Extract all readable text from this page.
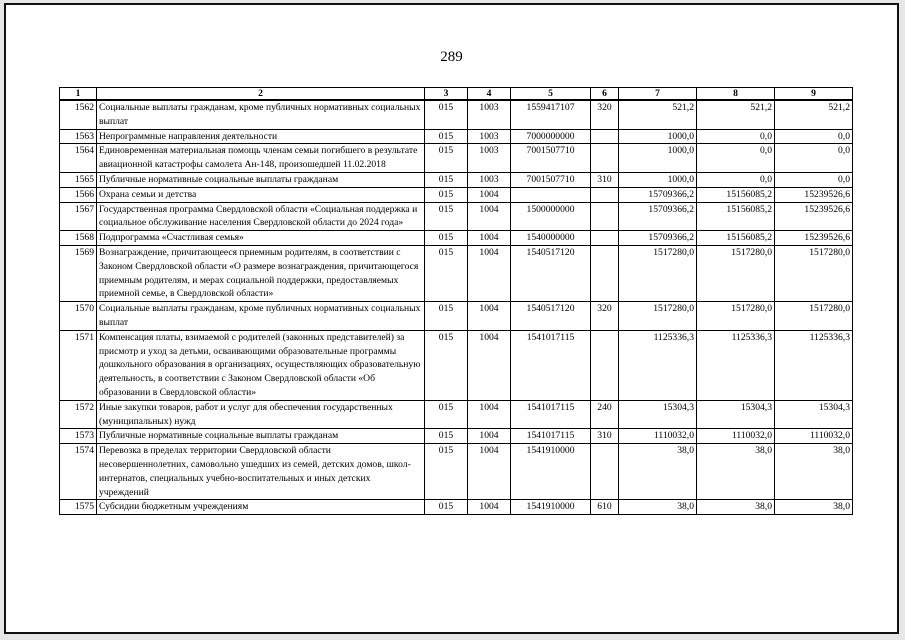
289
1	2	3	4	5	6	7	8	9
1562	Социальные выплаты гражданам, кроме публичных нормативных социальных выплат	015	1003	1559417107	320	521,2	521,2	521,2
1563	Непрограммные направления деятельности	015	1003	7000000000		1000,0	0,0	0,0
1564	Единовременная материальная помощь членам семьи погибшего в результате авиационной катастрофы самолета Ан-148, произошедшей 11.02.2018	015	1003	7001507710		1000,0	0,0	0,0
1565	Публичные нормативные социальные выплаты гражданам	015	1003	7001507710	310	1000,0	0,0	0,0
1566	Охрана семьи и детства	015	1004			15709366,2	15156085,2	15239526,6
1567	Государственная программа Свердловской области «Социальная поддержка и социальное обслуживание населения Свердловской области до 2024 года»	015	1004	1500000000		15709366,2	15156085,2	15239526,6
1568	Подпрограмма «Счастливая семья»	015	1004	1540000000		15709366,2	15156085,2	15239526,6
1569	Вознаграждение, причитающееся приемным родителям, в соответствии с Законом Свердловской области «О размере вознаграждения, причитающегося приемным родителям, и мерах социальной поддержки, предоставляемых приемной семье, в Свердловской области»	015	1004	1540517120		1517280,0	1517280,0	1517280,0
1570	Социальные выплаты гражданам, кроме публичных нормативных социальных выплат	015	1004	1540517120	320	1517280,0	1517280,0	1517280,0
1571	Компенсация платы, взимаемой с родителей (законных представителей) за присмотр и уход за детьми, осваивающими образовательные программы дошкольного образования в организациях, осуществляющих образовательную деятельность, в соответствии с Законом Свердловской области «Об образовании в Свердловской области»	015	1004	1541017115		1125336,3	1125336,3	1125336,3
1572	Иные закупки товаров, работ и услуг для обеспечения государственных (муниципальных) нужд	015	1004	1541017115	240	15304,3	15304,3	15304,3
1573	Публичные нормативные социальные выплаты гражданам	015	1004	1541017115	310	1110032,0	1110032,0	1110032,0
1574	Перевозка в пределах территории Свердловской области несовершеннолетних, самовольно ушедших из семей, детских домов, школ-интернатов, специальных учебно-воспитательных и иных детских учреждений	015	1004	1541910000		38,0	38,0	38,0
1575	Субсидии бюджетным учреждениям	015	1004	1541910000	610	38,0	38,0	38,0
